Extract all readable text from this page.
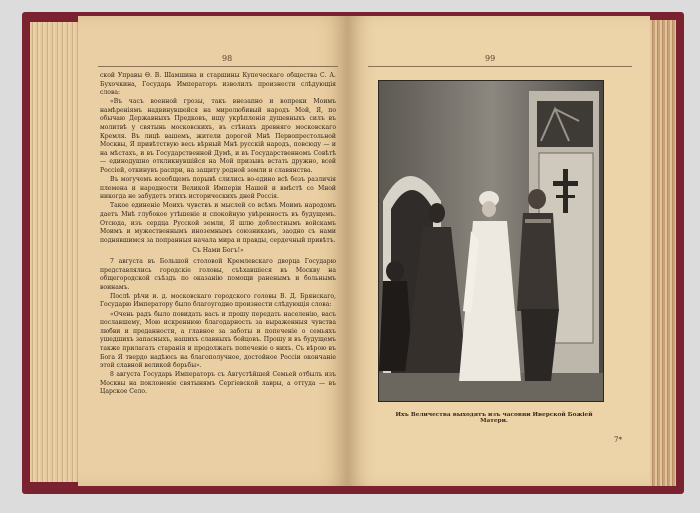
98

ской Управы Ѳ. В. Шамшина и старшины Купеческаго общества С. А. Бухочкина, Государь Императоръ изволилъ произнести слѣдующія слова:

«Въ часъ военной грозы, такъ внезапно и вопреки Моимъ намѣреніямъ надвинувшейся на миролюбивый народъ Мой, Я, по обычаю Державныхъ Предковъ, ищу укрѣпленія душевныхъ силъ въ молитвѣ у святынь московскихъ, въ стѣнахъ древняго московскаго Кремля. Въ лицѣ вашемъ, жители дорогой Мнѣ Первопрестольной Москвы, Я привѣтствую весь вѣрный Мнѣ русскій народъ, повсюду — и на мѣстахъ, и въ Государственной Думѣ, и въ Государственномъ Совѣтѣ — единодушно откликнувшійся на Мой призывъ встать дружно, всей Россіей, откинувъ распри, на защиту родной земли и славянства.

Въ могучемъ всеобщемъ порывѣ слились во-едино всѣ безъ различія племена и народности Великой Имперіи Нашей и вмѣстѣ со Мной никогда не забудетъ этихъ историческихъ дней Россія.

Такое единеніе Моихъ чувствъ и мыслей со всѣмъ Моимъ народомъ даетъ Мнѣ глубокое утѣшеніе и спокойную увѣренность въ будущемъ. Отсюда, изъ сердца Русской земли, Я шлю доблестнымъ войскамъ Моимъ и мужественнымъ иноземнымъ союзникамъ, заодно съ нами поднявшимся за попранныя начала мира и правды, сердечный привѣтъ.

Съ Нами Богъ!»

7 августа въ Большой столовой Кремлевскаго дворца Государю представлялись городскіе головы, съѣхавшіеся въ Москву на общегородской съѣздъ по оказанію помощи раненымъ и больнымъ воинамъ.

Послѣ рѣчи и. д. московскаго городского головы В. Д. Брянскаго, Государю Императору было благоугодно произнести слѣдующія слова:

«Очень радъ было повидать васъ и прошу передать населенію, васъ пославшему, Мою искреннюю благодарность за выраженныя чувства любви и преданности, а главное за заботы и попеченіе о семьяхъ ушедшихъ запасныхъ, нашихъ славныхъ бойцовъ. Прошу и въ будущемъ также прилагать старанія и продолжать попеченіе о нихъ. Съ вѣрою въ Бога Я твердо надѣюсь на благополучное, достойное Россіи окончаніе этой славной великой борьбы».

8 августа Государь Императоръ съ Августѣйшей Семьей отбылъ изъ Москвы на поклоненіе святынямъ Сергіевской лавры, а оттуда — въ Царское Село.

99
Ихъ Величества выходятъ изъ часовни Иверской Божіей Матери.
7*
